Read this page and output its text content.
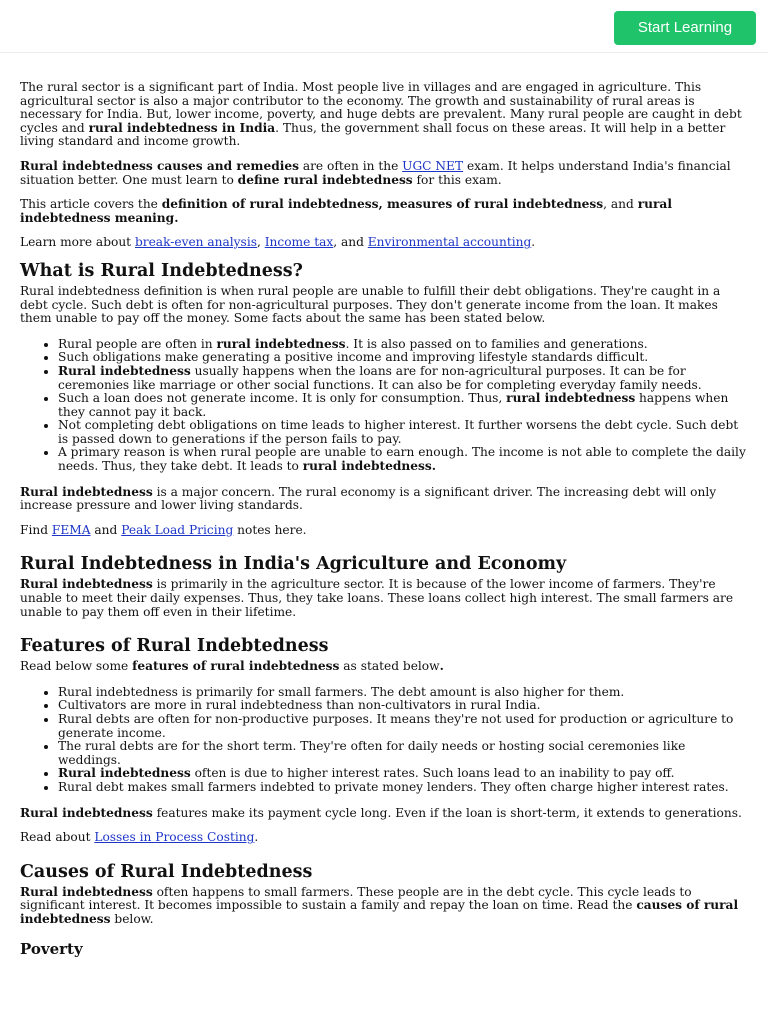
Start Learning

The rural sector is a significant part of India. Most people live in villages and are engaged in agriculture. This agricultural sector is also a major contributor to the economy. The growth and sustainability of rural areas is necessary for India. But, lower income, poverty, and huge debts are prevalent. Many rural people are caught in debt cycles and rural indebtedness in India. Thus, the government shall focus on these areas. It will help in a better living standard and income growth.

Rural indebtedness causes and remedies are often in the UGC NET exam. It helps understand India's financial situation better. One must learn to define rural indebtedness for this exam.

This article covers the definition of rural indebtedness, measures of rural indebtedness, and rural indebtedness meaning.

Learn more about break-even analysis, Income tax, and Environmental accounting.

What is Rural Indebtedness?

Rural indebtedness definition is when rural people are unable to fulfill their debt obligations. They're caught in a debt cycle. Such debt is often for non-agricultural purposes. They don't generate income from the loan. It makes them unable to pay off the money. Some facts about the same has been stated below.

• Rural people are often in rural indebtedness. It is also passed on to families and generations.
• Such obligations make generating a positive income and improving lifestyle standards difficult.
• Rural indebtedness usually happens when the loans are for non-agricultural purposes. It can be for ceremonies like marriage or other social functions. It can also be for completing everyday family needs.
• Such a loan does not generate income. It is only for consumption. Thus, rural indebtedness happens when they cannot pay it back.
• Not completing debt obligations on time leads to higher interest. It further worsens the debt cycle. Such debt is passed down to generations if the person fails to pay.
• A primary reason is when rural people are unable to earn enough. The income is not able to complete the daily needs. Thus, they take debt. It leads to rural indebtedness.

Rural indebtedness is a major concern. The rural economy is a significant driver. The increasing debt will only increase pressure and lower living standards.

Find FEMA and Peak Load Pricing notes here.

Rural Indebtedness in India's Agriculture and Economy

Rural indebtedness is primarily in the agriculture sector. It is because of the lower income of farmers. They're unable to meet their daily expenses. Thus, they take loans. These loans collect high interest. The small farmers are unable to pay them off even in their lifetime.

Features of Rural Indebtedness

Read below some features of rural indebtedness as stated below.

• Rural indebtedness is primarily for small farmers. The debt amount is also higher for them.
• Cultivators are more in rural indebtedness than non-cultivators in rural India.
• Rural debts are often for non-productive purposes. It means they're not used for production or agriculture to generate income.
• The rural debts are for the short term. They're often for daily needs or hosting social ceremonies like weddings.
• Rural indebtedness often is due to higher interest rates. Such loans lead to an inability to pay off.
• Rural debt makes small farmers indebted to private money lenders. They often charge higher interest rates.

Rural indebtedness features make its payment cycle long. Even if the loan is short-term, it extends to generations.

Read about Losses in Process Costing.

Causes of Rural Indebtedness

Rural indebtedness often happens to small farmers. These people are in the debt cycle. This cycle leads to significant interest. It becomes impossible to sustain a family and repay the loan on time. Read the causes of rural indebtedness below.

Poverty
